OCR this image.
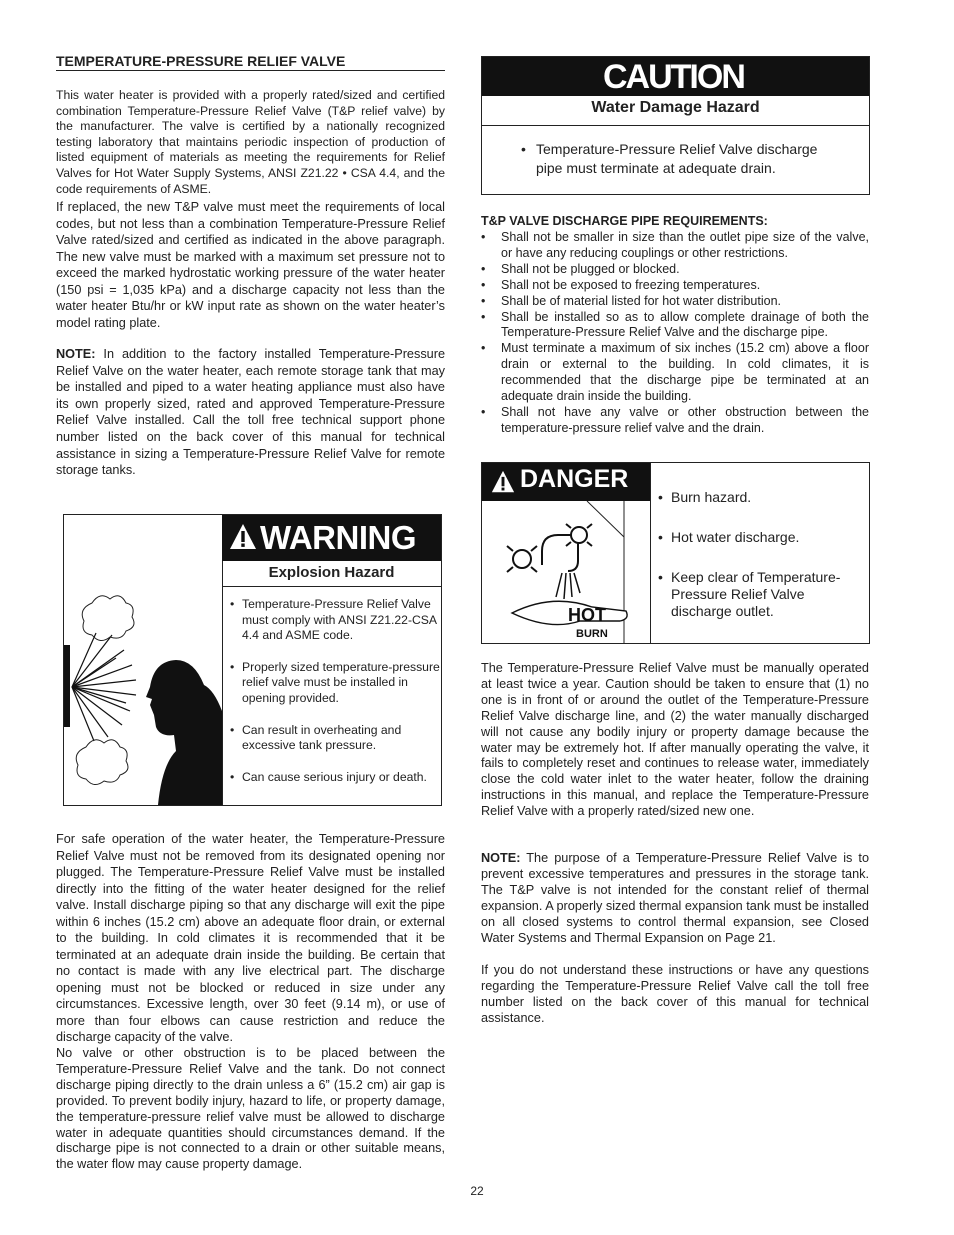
TEMPERATURE-PRESSURE RELIEF VALVE

This water heater is provided with a properly rated/sized and certified combination Temperature-Pressure Relief Valve (T&P relief valve) by the manufacturer. The valve is certified by a nationally recognized testing laboratory that maintains periodic inspection of production of listed equipment of materials as meeting the requirements for Relief Valves for Hot Water Supply Systems, ANSI Z21.22 • CSA 4.4, and the code requirements of ASME.

If replaced, the new T&P valve must meet the requirements of local codes, but not less than a combination Temperature-Pressure Relief Valve rated/sized and certified as indicated in the above paragraph. The new valve must be marked with a maximum set pressure not to exceed the marked hydrostatic working pressure of the water heater (150 psi = 1,035 kPa) and a discharge capacity not less than the water heater Btu/hr or kW input rate as shown on the water heater’s model rating plate.

NOTE: In addition to the factory installed Temperature-Pressure Relief Valve on the water heater, each remote storage tank that may be installed and piped to a water heating appliance must also have its own properly sized, rated and approved Temperature-Pressure Relief Valve installed. Call the toll free technical support phone number listed on the back cover of this manual for technical assistance in sizing a Temperature-Pressure Relief Valve for remote storage tanks.

WARNING
Explosion Hazard
• Temperature-Pressure Relief Valve must comply with ANSI Z21.22-CSA 4.4 and ASME code.
• Properly sized temperature-pressure relief valve must be installed in opening provided.
• Can result in overheating and excessive tank pressure.
• Can cause serious injury or death.

For safe operation of the water heater, the Temperature-Pressure Relief Valve must not be removed from its designated opening nor plugged. The Temperature-Pressure Relief Valve must be installed directly into the fitting of the water heater designed for the relief valve. Install discharge piping so that any discharge will exit the pipe within 6 inches (15.2 cm) above an adequate floor drain, or external to the building. In cold climates it is recommended that it be terminated at an adequate drain inside the building. Be certain that no contact is made with any live electrical part. The discharge opening must not be blocked or reduced in size under any circumstances. Excessive length, over 30 feet (9.14 m), or use of more than four elbows can cause restriction and reduce the discharge capacity of the valve.

No valve or other obstruction is to be placed between the Temperature-Pressure Relief Valve and the tank. Do not connect discharge piping directly to the drain unless a 6” (15.2 cm) air gap is provided. To prevent bodily injury, hazard to life, or property damage, the temperature-pressure relief valve must be allowed to discharge water in adequate quantities should circumstances demand. If the discharge pipe is not connected to a drain or other suitable means, the water flow may cause property damage.

CAUTION
Water Damage Hazard
• Temperature-Pressure Relief Valve discharge pipe must terminate at adequate drain.
T&P VALVE DISCHARGE PIPE REQUIREMENTS:
• Shall not be smaller in size than the outlet pipe size of the valve, or have any reducing couplings or other restrictions.
• Shall not be plugged or blocked.
• Shall not be exposed to freezing temperatures.
• Shall be of material listed for hot water distribution.
• Shall be installed so as to allow complete drainage of both the Temperature-Pressure Relief Valve and the discharge pipe.
• Must terminate a maximum of six inches (15.2 cm) above a floor drain or external to the building. In cold climates, it is recommended that the discharge pipe be terminated at an adequate drain inside the building.
• Shall not have any valve or other obstruction between the temperature-pressure relief valve and the drain.
DANGER
HOT
BURN
• Burn hazard.
• Hot water discharge.
• Keep clear of Temperature-Pressure Relief Valve discharge outlet.

The Temperature-Pressure Relief Valve must be manually operated at least twice a year. Caution should be taken to ensure that (1) no one is in front of or around the outlet of the Temperature-Pressure Relief Valve discharge line, and (2) the water manually discharged will not cause any bodily injury or property damage because the water may be extremely hot. If after manually operating the valve, it fails to completely reset and continues to release water, immediately close the cold water inlet to the water heater, follow the draining instructions in this manual, and replace the Temperature-Pressure Relief Valve with a properly rated/sized new one.

NOTE: The purpose of a Temperature-Pressure Relief Valve is to prevent excessive temperatures and pressures in the storage tank. The T&P valve is not intended for the constant relief of thermal expansion. A properly sized thermal expansion tank must be installed on all closed systems to control thermal expansion, see Closed Water Systems and Thermal Expansion on Page 21.

If you do not understand these instructions or have any questions regarding the Temperature-Pressure Relief Valve call the toll free number listed on the back cover of this manual for technical assistance.

22
